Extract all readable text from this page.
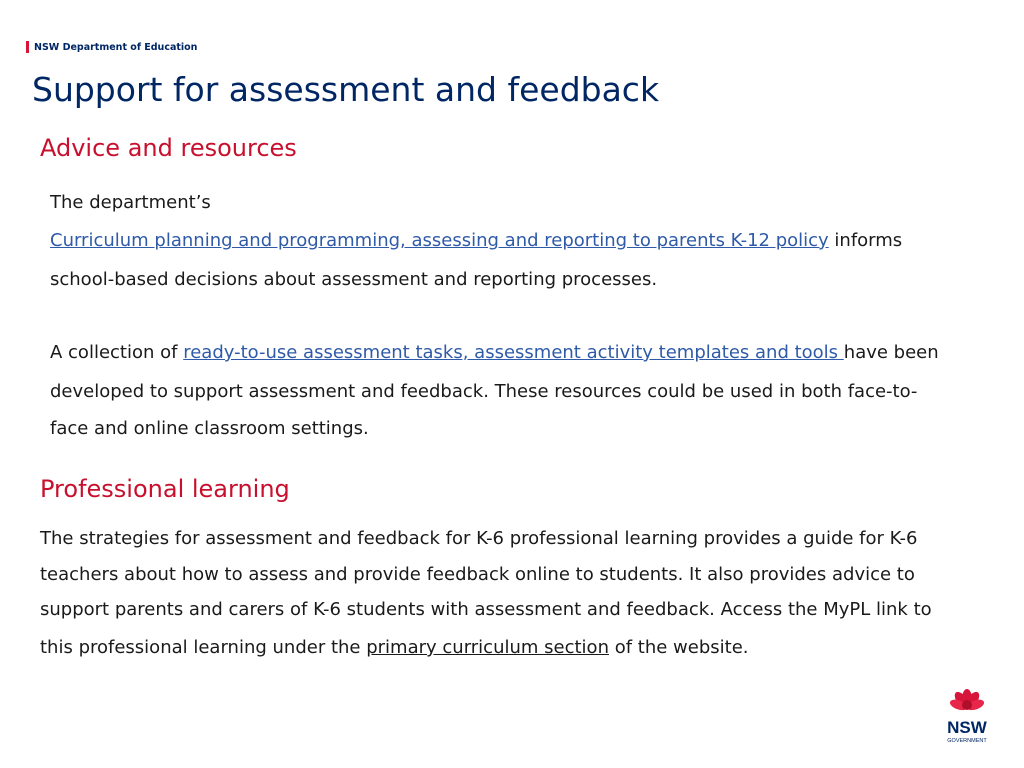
NSW Department of Education
Support for assessment and feedback
Advice and resources
The department’s
Curriculum planning and programming, assessing and reporting to parents K-12 policy informs
school-based decisions about assessment and reporting processes.
A collection of ready-to-use assessment tasks, assessment activity templates and tools have been
developed to support assessment and feedback. These resources could be used in both face-to-
face and online classroom settings.
Professional learning
The strategies for assessment and feedback for K-6 professional learning provides a guide for K-6
teachers about how to assess and provide feedback online to students. It also provides advice to
support parents and carers of K-6 students with assessment and feedback. Access the MyPL link to
this professional learning under the primary curriculum section of the website.
NSW
GOVERNMENT
